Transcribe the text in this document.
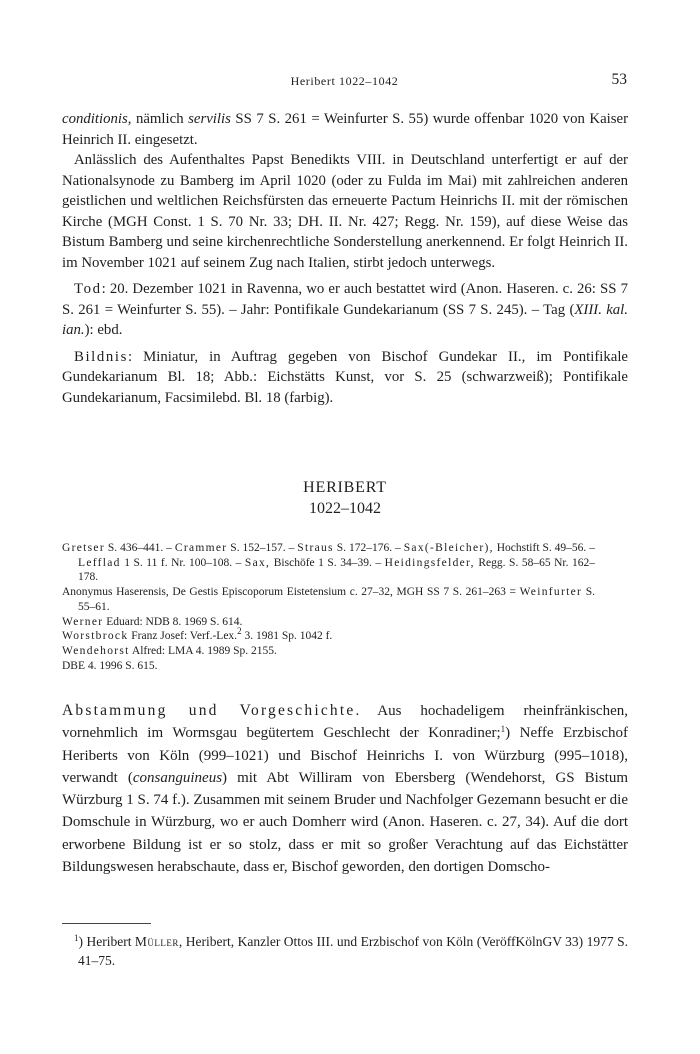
Heribert 1022–1042	53

conditionis, nämlich servilis SS 7 S. 261 = Weinfurter S. 55) wurde offenbar 1020 von Kaiser Heinrich II. eingesetzt.

Anlässlich des Aufenthaltes Papst Benedikts VIII. in Deutschland unterfertigt er auf der Nationalsynode zu Bamberg im April 1020 (oder zu Fulda im Mai) mit zahlreichen anderen geistlichen und weltlichen Reichsfürsten das erneuerte Pactum Heinrichs II. mit der römischen Kirche (MGH Const. 1 S. 70 Nr. 33; DH. II. Nr. 427; Regg. Nr. 159), auf diese Weise das Bistum Bamberg und seine kirchenrechtliche Sonderstellung anerkennend. Er folgt Heinrich II. im November 1021 auf seinem Zug nach Italien, stirbt jedoch unterwegs.

Tod: 20. Dezember 1021 in Ravenna, wo er auch bestattet wird (Anon. Haseren. c. 26: SS 7 S. 261 = Weinfurter S. 55). – Jahr: Pontifikale Gundekarianum (SS 7 S. 245). – Tag (XIII. kal. ian.): ebd.

Bildnis: Miniatur, in Auftrag gegeben von Bischof Gundekar II., im Pontifikale Gundekarianum Bl. 18; Abb.: Eichstätts Kunst, vor S. 25 (schwarzweiß); Pontifikale Gundekarianum, Facsimilebd. Bl. 18 (farbig).

HERIBERT
1022–1042

Gretser S. 436–441. – Crammer S. 152–157. – Straus S. 172–176. – Sax(-Bleicher), Hochstift S. 49–56. – Lefflad 1 S. 11 f. Nr. 100–108. – Sax, Bischöfe 1 S. 34–39. – Heidingsfelder, Regg. S. 58–65 Nr. 162–178.

Anonymus Haserensis, De Gestis Episcoporum Eistetensium c. 27–32, MGH SS 7 S. 261–263 = Weinfurter S. 55–61.

Werner Eduard: NDB 8. 1969 S. 614.

Worstbrock Franz Josef: Verf.-Lex.$^2$ 3. 1981 Sp. 1042 f.

Wendehorst Alfred: LMA 4. 1989 Sp. 2155.

DBE 4. 1996 S. 615.

Abstammung und Vorgeschichte. Aus hochadeligem rheinfränkischen, vornehmlich im Wormsgau begütertem Geschlecht der Konradiner;$^1$) Neffe Erzbischof Heriberts von Köln (999–1021) und Bischof Heinrichs I. von Würzburg (995–1018), verwandt (consanguineus) mit Abt Williram von Ebersberg (Wendehorst, GS Bistum Würzburg 1 S. 74 f.). Zusammen mit seinem Bruder und Nachfolger Gezemann besucht er die Domschule in Würzburg, wo er auch Domherr wird (Anon. Haseren. c. 27, 34). Auf die dort erworbene Bildung ist er so stolz, dass er mit so großer Verachtung auf das Eichstätter Bildungswesen herabschaute, dass er, Bischof geworden, den dortigen Domscho-

$^1$) Heribert Müller, Heribert, Kanzler Ottos III. und Erzbischof von Köln (VeröffKölnGV 33) 1977 S. 41–75.
